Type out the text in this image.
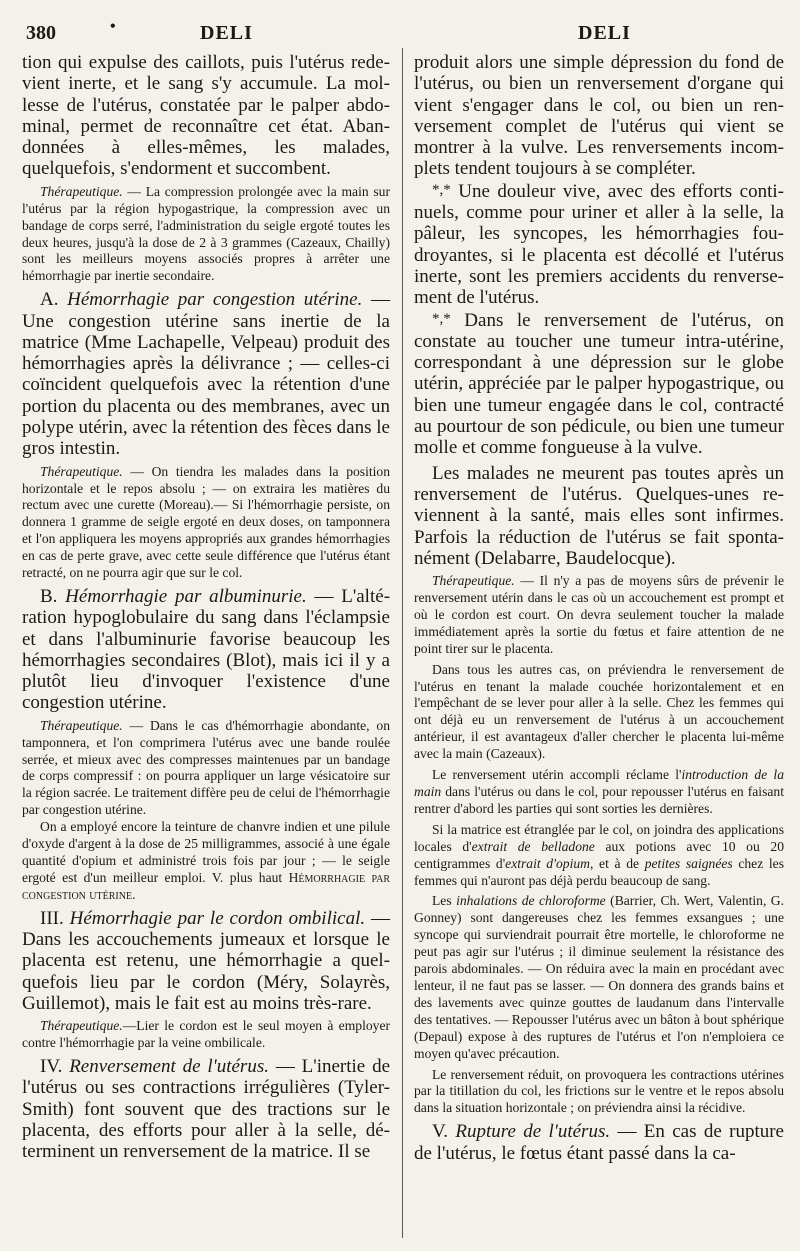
380	•	DELI	DELI

tion qui expulse des caillots, puis l'utérus redevient inerte, et le sang s'y accumule. La mollesse de l'utérus, constatée par le palper abdominal, permet de reconnaître cet état. Abandonnées à elles-mêmes, les malades, quelquefois, s'endorment et succombent.

Thérapeutique. — La compression prolongée avec la main sur l'utérus par la région hypogastrique, la compression avec un bandage de corps serré, l'administration du seigle ergoté toutes les deux heures, jusqu'à la dose de 2 à 3 grammes (Cazeaux, Chailly) sont les meilleurs moyens associés propres à arrêter une hémorrhagie par inertie secondaire.

A. Hémorrhagie par congestion utérine. — Une congestion utérine sans inertie de la matrice (Mme Lachapelle, Velpeau) produit des hémorrhagies après la délivrance ; — celles-ci coïncident quelquefois avec la rétention d'une portion du placenta ou des membranes, avec un polype utérin, avec la rétention des fèces dans le gros intestin.

Thérapeutique. — On tiendra les malades dans la position horizontale et le repos absolu ; — on extraira les matières du rectum avec une curette (Moreau).— Si l'hémorrhagie persiste, on donnera 1 gramme de seigle ergoté en deux doses, on tamponnera et l'on appliquera les moyens appropriés aux grandes hémorrhagies en cas de perte grave, avec cette seule différence que l'utérus étant retracté, on ne pourra agir que sur le col.

B. Hémorrhagie par albuminurie. — L'altération hypoglobulaire du sang dans l'éclampsie et dans l'albuminurie favorise beaucoup les hémorrhagies secondaires (Blot), mais ici il y a plutôt lieu d'invoquer l'existence d'une congestion utérine.

Thérapeutique. — Dans le cas d'hémorrhagie abondante, on tamponnera, et l'on comprimera l'utérus avec une bande roulée serrée, et mieux avec des compresses maintenues par un bandage de corps compressif : on pourra appliquer un large vésicatoire sur la région sacrée. Le traitement diffère peu de celui de l'hémorrhagie par congestion utérine.

On a employé encore la teinture de chanvre indien et une pilule d'oxyde d'argent à la dose de 25 milligrammes, associé à une égale quantité d'opium et administré trois fois par jour ; — le seigle ergoté est d'un meilleur emploi. V. plus haut Hémorrhagie par congestion utérine.

III. Hémorrhagie par le cordon ombilical. — Dans les accouchements jumeaux et lorsque le placenta est retenu, une hémorrhagie a quelquefois lieu par le cordon (Méry, Solayrès, Guillemot), mais le fait est au moins très-rare.

Thérapeutique.—Lier le cordon est le seul moyen à employer contre l'hémorrhagie par la veine ombilicale.

IV. Renversement de l'utérus. — L'inertie de l'utérus ou ses contractions irrégulières (Tyler-Smith) font souvent que des tractions sur le placenta, des efforts pour aller à la selle, déterminent un renversement de la matrice. Il se

produit alors une simple dépression du fond de l'utérus, ou bien un renversement d'organe qui vient s'engager dans le col, ou bien un renversement complet de l'utérus qui vient se montrer à la vulve. Les renversements incomplets tendent toujours à se compléter.

*,* Une douleur vive, avec des efforts continuels, comme pour uriner et aller à la selle, la pâleur, les syncopes, les hémorrhagies foudroyantes, si le placenta est décollé et l'utérus inerte, sont les premiers accidents du renversement de l'utérus.

*,* Dans le renversement de l'utérus, on constate au toucher une tumeur intra-utérine, correspondant à une dépression sur le globe utérin, appréciée par le palper hypogastrique, ou bien une tumeur engagée dans le col, contracté au pourtour de son pédicule, ou bien une tumeur molle et comme fongueuse à la vulve.

Les malades ne meurent pas toutes après un renversement de l'utérus. Quelques-unes reviennent à la santé, mais elles sont infirmes. Parfois la réduction de l'utérus se fait spontanément (Delabarre, Baudelocque).

Thérapeutique. — Il n'y a pas de moyens sûrs de prévenir le renversement utérin dans le cas où un accouchement est prompt et où le cordon est court. On devra seulement toucher la malade immédiatement après la sortie du fœtus et faire attention de ne point tirer sur le placenta.

Dans tous les autres cas, on préviendra le renversement de l'utérus en tenant la malade couchée horizontalement et en l'empêchant de se lever pour aller à la selle. Chez les femmes qui ont déjà eu un renversement de l'utérus à un accouchement antérieur, il est avantageux d'aller chercher le placenta lui-même avec la main (Cazeaux).

Le renversement utérin accompli réclame l'introduction de la main dans l'utérus ou dans le col, pour repousser l'utérus en faisant rentrer d'abord les parties qui sont sorties les dernières.

Si la matrice est étranglée par le col, on joindra des applications locales d'extrait de belladone aux potions avec 10 ou 20 centigrammes d'extrait d'opium, et à de petites saignées chez les femmes qui n'auront pas déjà perdu beaucoup de sang.

Les inhalations de chloroforme (Barrier, Ch. Wert, Valentin, G. Gonney) sont dangereuses chez les femmes exsangues ; une syncope qui surviendrait pourrait être mortelle, le chloroforme ne peut pas agir sur l'utérus ; il diminue seulement la résistance des parois abdominales. — On réduira avec la main en procédant avec lenteur, il ne faut pas se lasser. — On donnera des grands bains et des lavements avec quinze gouttes de laudanum dans l'intervalle des tentatives. — Repousser l'utérus avec un bâton à bout sphérique (Depaul) expose à des ruptures de l'utérus et l'on n'emploiera ce moyen qu'avec précaution.

Le renversement réduit, on provoquera les contractions utérines par la titillation du col, les frictions sur le ventre et le repos absolu dans la situation horizontale ; on préviendra ainsi la récidive.

V. Rupture de l'utérus. — En cas de rupture de l'utérus, le fœtus étant passé dans la ca-
